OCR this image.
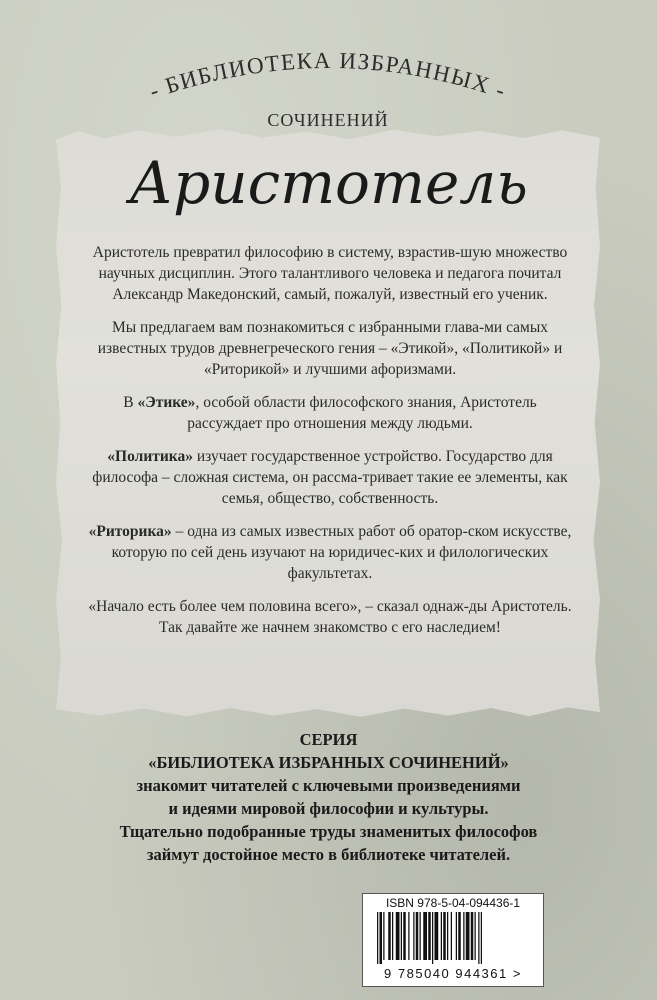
- БИБЛИОТЕКА ИЗБРАННЫХ -
СОЧИНЕНИЙ
Аристотель

Аристотель превратил философию в систему, взрастив-шую множество научных дисциплин. Этого талантливого человека и педагога почитал Александр Македонский, самый, пожалуй, известный его ученик.

Мы предлагаем вам познакомиться с избранными глава-ми самых известных трудов древнегреческого гения – «Этикой», «Политикой» и «Риторикой» и лучшими афоризмами.

В «Этике», особой области философского знания, Аристотель рассуждает про отношения между людьми.

«Политика» изучает государственное устройство. Государство для философа – сложная система, он рассма-тривает такие ее элементы, как семья, общество, собственность.

«Риторика» – одна из самых известных работ об оратор-ском искусстве, которую по сей день изучают на юридичес-ких и филологических факультетах.

«Начало есть более чем половина всего», – сказал однаж-ды Аристотель. Так давайте же начнем знакомство с его наследием!

СЕРИЯ
«БИБЛИОТЕКА ИЗБРАННЫХ СОЧИНЕНИЙ»
знакомит читателей с ключевыми произведениями
и идеями мировой философии и культуры.
Тщательно подобранные труды знаменитых философов
займут достойное место в библиотеке читателей.
ISBN 978-5-04-094436-1
9 785040 944361 >
